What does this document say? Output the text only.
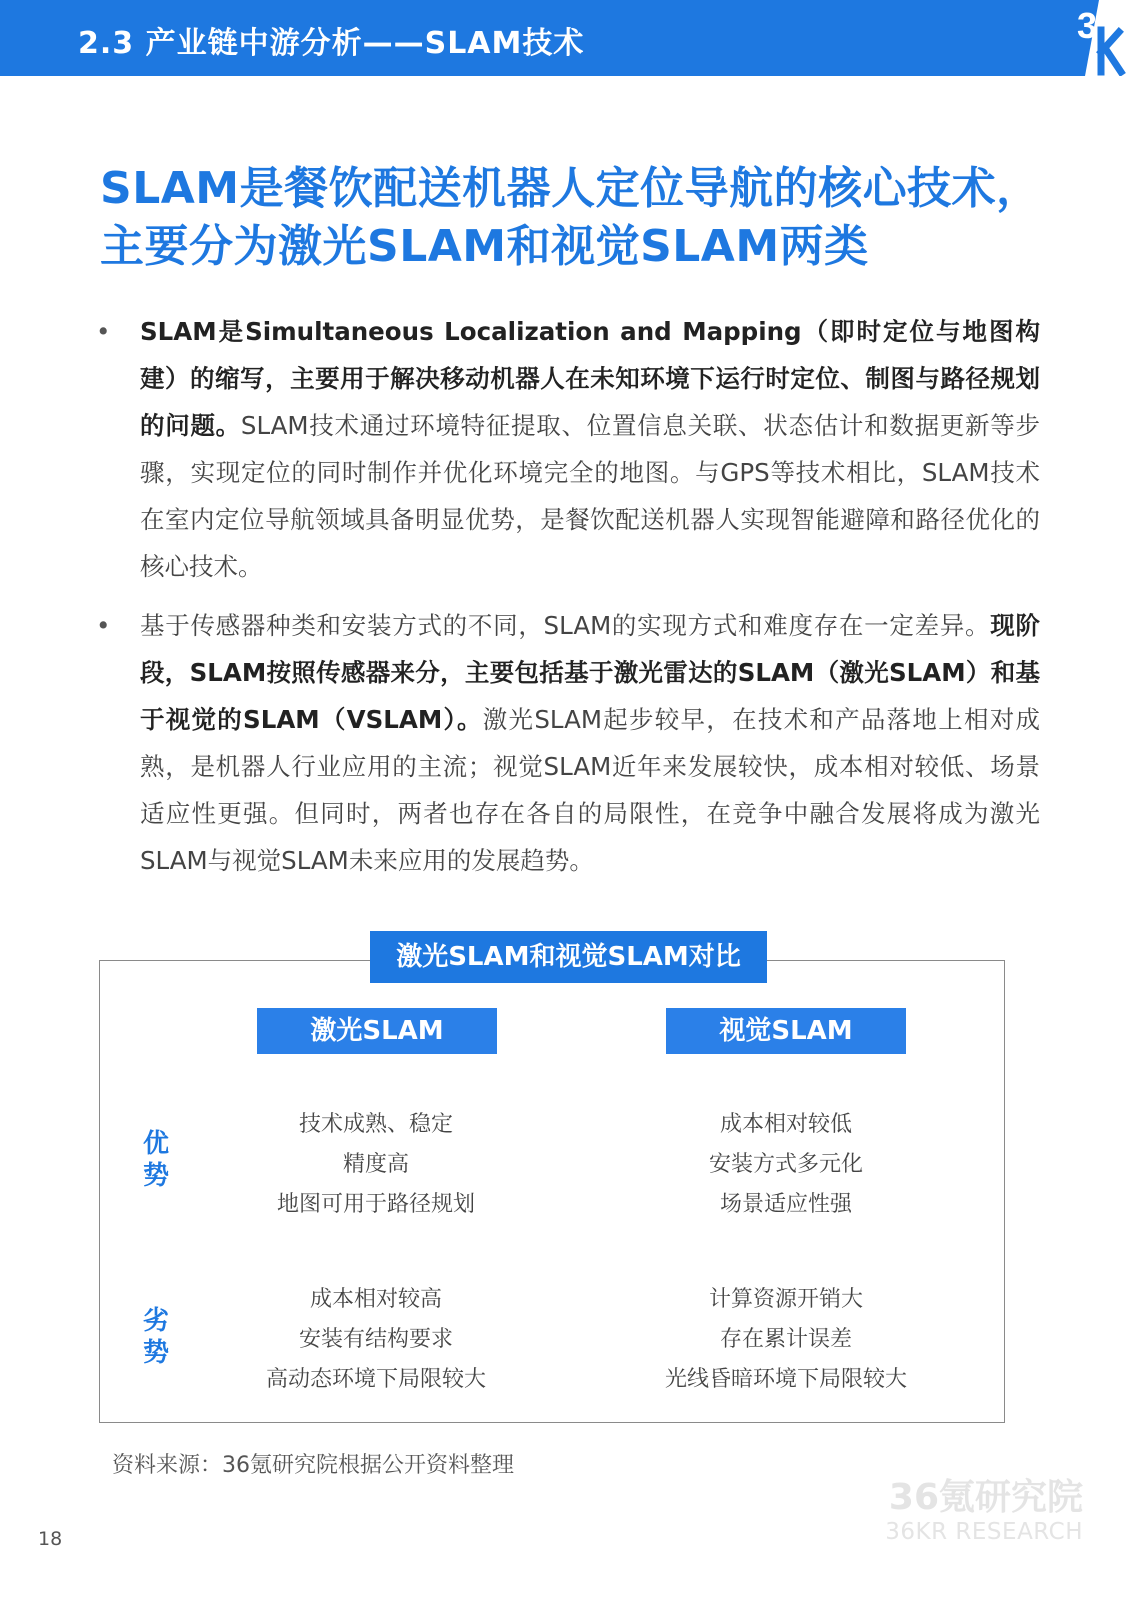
2.3 产业链中游分析——SLAM技术	36
SLAM是餐饮配送机器人定位导航的核心技术，
主要分为激光SLAM和视觉SLAM两类
• SLAM是Simultaneous Localization and Mapping（即时定位与地图构建）的缩写，主要用于解决移动机器人在未知环境下运行时定位、制图与路径规划的问题。SLAM技术通过环境特征提取、位置信息关联、状态估计和数据更新等步骤，实现定位的同时制作并优化环境完全的地图。与GPS等技术相比，SLAM技术在室内定位导航领域具备明显优势，是餐饮配送机器人实现智能避障和路径优化的核心技术。
• 基于传感器种类和安装方式的不同，SLAM的实现方式和难度存在一定差异。现阶段，SLAM按照传感器来分，主要包括基于激光雷达的SLAM（激光SLAM）和基于视觉的SLAM（VSLAM）。激光SLAM起步较早，在技术和产品落地上相对成熟，是机器人行业应用的主流；视觉SLAM近年来发展较快，成本相对较低、场景适应性更强。但同时，两者也存在各自的局限性，在竞争中融合发展将成为激光SLAM与视觉SLAM未来应用的发展趋势。
激光SLAM和视觉SLAM对比
激光SLAM	视觉SLAM
优
势
劣
势
技术成熟、稳定
精度高
地图可用于路径规划
成本相对较低
安装方式多元化
场景适应性强
成本相对较高
安装有结构要求
高动态环境下局限较大
计算资源开销大
存在累计误差
光线昏暗环境下局限较大
资料来源：36氪研究院根据公开资料整理
18
36氪研究院
36KR RESEARCH
